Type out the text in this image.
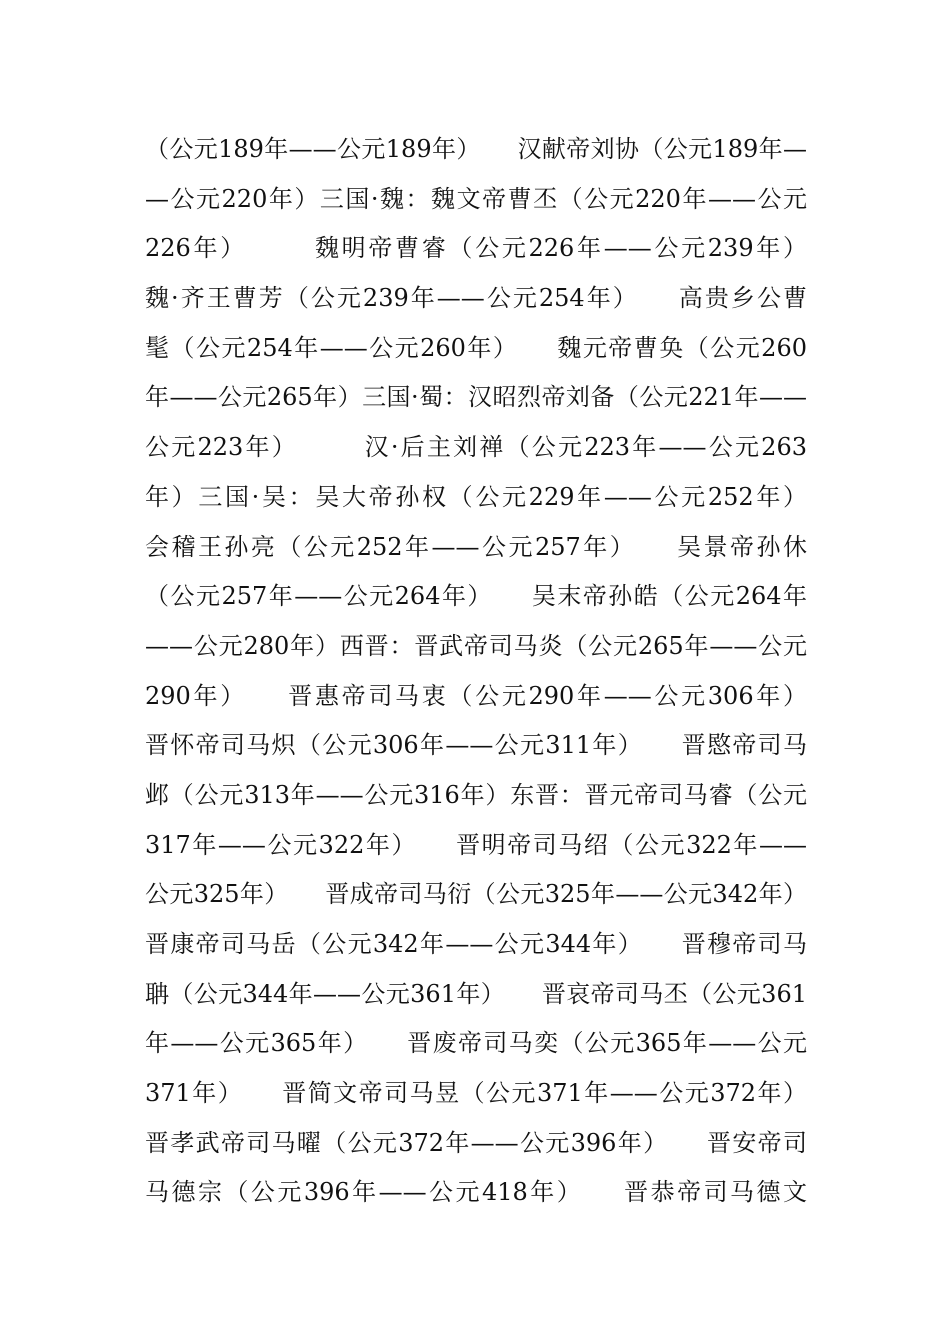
（公元189年——公元189年）　　汉献帝刘协（公元189年—
—公元220年）三国·魏：魏文帝曹丕（公元220年——公元
226年）　　　魏明帝曹睿（公元226年——公元239年）
魏·齐王曹芳（公元239年——公元254年）　　高贵乡公曹
髦（公元254年——公元260年）　　魏元帝曹奂（公元260
年——公元265年）三国·蜀：汉昭烈帝刘备（公元221年——
公元223年）　　　汉·后主刘禅（公元223年——公元263
年）三国·吴：吴大帝孙权（公元229年——公元252年）
会稽王孙亮（公元252年——公元257年）　　吴景帝孙休
（公元257年——公元264年）　　吴末帝孙皓（公元264年
——公元280年）西晋：晋武帝司马炎（公元265年——公元
290年）　　晋惠帝司马衷（公元290年——公元306年）
晋怀帝司马炽（公元306年——公元311年）　　晋愍帝司马
邺（公元313年——公元316年）东晋：晋元帝司马睿（公元
317年——公元322年）　　晋明帝司马绍（公元322年——
公元325年）　　晋成帝司马衍（公元325年——公元342年）
晋康帝司马岳（公元342年——公元344年）　　晋穆帝司马
聃（公元344年——公元361年）　　晋哀帝司马丕（公元361
年——公元365年）　　晋废帝司马奕（公元365年——公元
371年）　　晋简文帝司马昱（公元371年——公元372年）
晋孝武帝司马曜（公元372年——公元396年）　　晋安帝司
马德宗（公元396年——公元418年）　　晋恭帝司马德文
